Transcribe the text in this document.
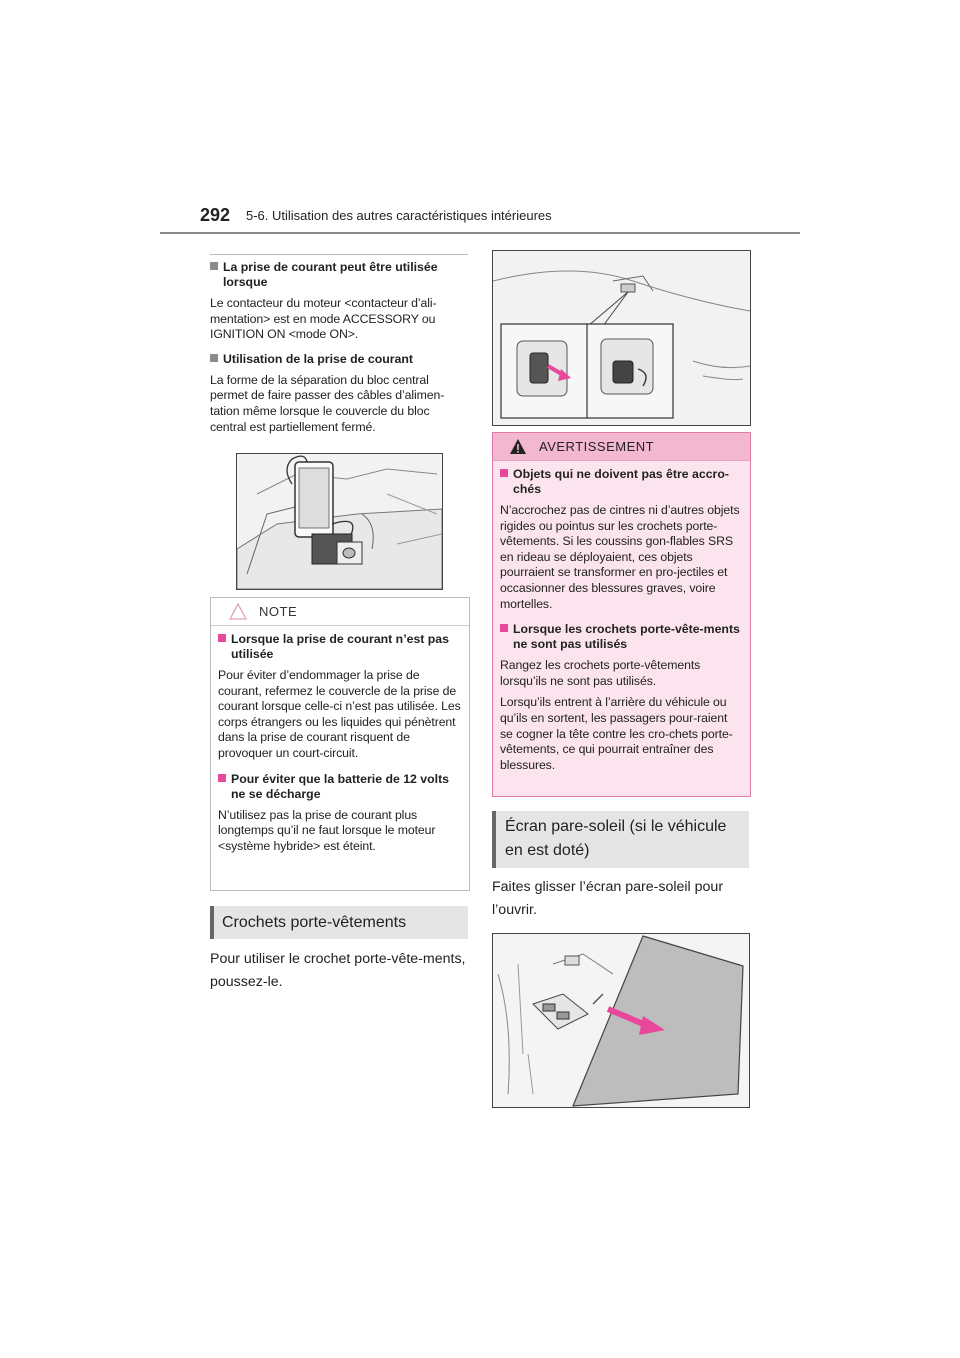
292 5-6. Utilisation des autres caractéristiques intérieures
La prise de courant peut être utilisée lorsque
Le contacteur du moteur <contacteur d’ali-mentation> est en mode ACCESSORY ou IGNITION ON <mode ON>.
Utilisation de la prise de courant
La forme de la séparation du bloc central permet de faire passer des câbles d’alimen-tation même lorsque le couvercle du bloc central est partiellement fermé.
NOTE
Lorsque la prise de courant n’est pas utilisée
Pour éviter d’endommager la prise de courant, refermez le couvercle de la prise de courant lorsque celle-ci n’est pas utilisée. Les corps étrangers ou les liquides qui pénètrent dans la prise de courant risquent de provoquer un court-circuit.
Pour éviter que la batterie de 12 volts ne se décharge
N’utilisez pas la prise de courant plus longtemps qu’il ne faut lorsque le moteur <système hybride> est éteint.
Crochets porte-vêtements
Pour utiliser le crochet porte-vête-ments, poussez-le.
AVERTISSEMENT
Objets qui ne doivent pas être accro-chés
N’accrochez pas de cintres ni d’autres objets rigides ou pointus sur les crochets porte-vêtements. Si les coussins gon-flables SRS en rideau se déployaient, ces objets pourraient se transformer en pro-jectiles et occasionner des blessures graves, voire mortelles.
Lorsque les crochets porte-vête-ments ne sont pas utilisés
Rangez les crochets porte-vêtements lorsqu’ils ne sont pas utilisés.
Lorsqu’ils entrent à l’arrière du véhicule ou qu’ils en sortent, les passagers pour-raient se cogner la tête contre les cro-chets porte-vêtements, ce qui pourrait entraîner des blessures.
Écran pare-soleil (si le véhicule en est doté)
Faites glisser l’écran pare-soleil pour l’ouvrir.
